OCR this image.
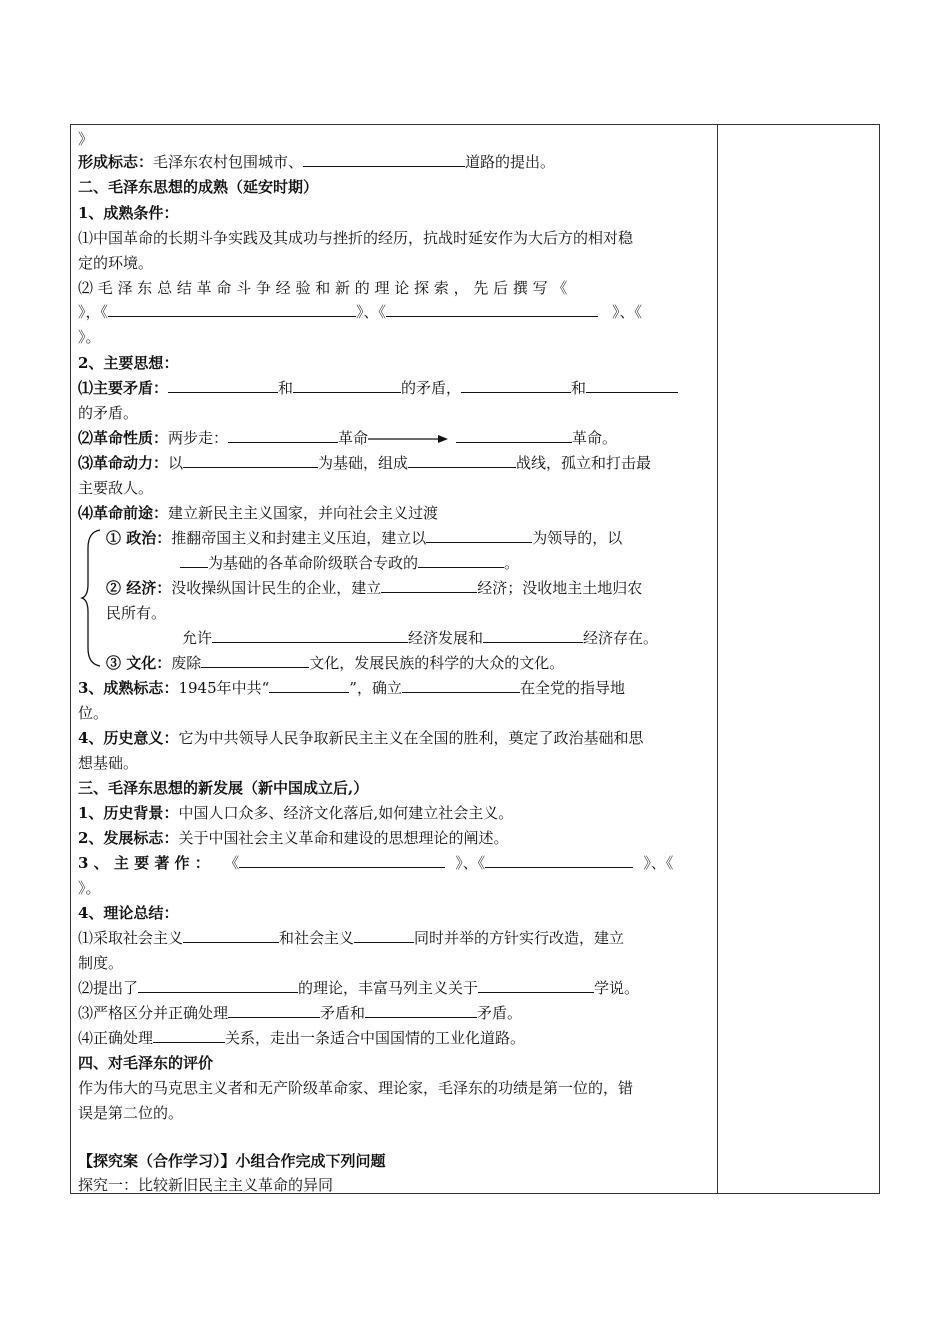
》
形成标志：毛泽东农村包围城市、	道路的提出。
二、毛泽东思想的成熟（延安时期）
1、成熟条件：
⑴中国革命的长期斗争实践及其成功与挫折的经历，抗战时延安作为大后方的相对稳
定的环境。
⑵ 毛 泽 东 总 结 革 命 斗 争 经 验 和 新 的 理 论 探 索 ， 先 后 撰 写 《
》，《	》、《	》、《
》。
2、主要思想：
⑴主要矛盾：	和	的矛盾，	和
的矛盾。
⑵革命性质：两步走：	革命	革命。
⑶革命动力：以	为基础，组成	战线，孤立和打击最
主要敌人。
⑷革命前途：建立新民主主义国家，并向社会主义过渡
① 政治：推翻帝国主义和封建主义压迫，建立以	为领导的，以
为基础的各革命阶级联合专政的	。
② 经济：没收操纵国计民生的企业，建立	经济；没收地主土地归农
民所有。
允许	经济发展和	经济存在。
③ 文化：废除	文化，发展民族的科学的大众的文化。
3、成熟标志：1945年中共“	”，确立	在全党的指导地
位。
4、历史意义：它为中共领导人民争取新民主主义在全国的胜利，奠定了政治基础和思
想基础。
三、毛泽东思想的新发展（新中国成立后,）
1、历史背景：中国人口众多、经济文化落后,如何建立社会主义。
2、发展标志：关于中国社会主义革命和建设的思想理论的阐述。
3 、 主 要 著 作 ： 《	》、《	》、《
》。
4、理论总结：
⑴采取社会主义	和社会主义	同时并举的方针实行改造，建立
制度。
⑵提出了	的理论，丰富马列主义关于	学说。
⑶严格区分并正确处理	矛盾和	矛盾。
⑷正确处理	关系，走出一条适合中国国情的工业化道路。
四、对毛泽东的评价
作为伟大的马克思主义者和无产阶级革命家、理论家，毛泽东的功绩是第一位的，错
误是第二位的。
【探究案（合作学习）】小组合作完成下列问题
探究一：比较新旧民主主义革命的异同
